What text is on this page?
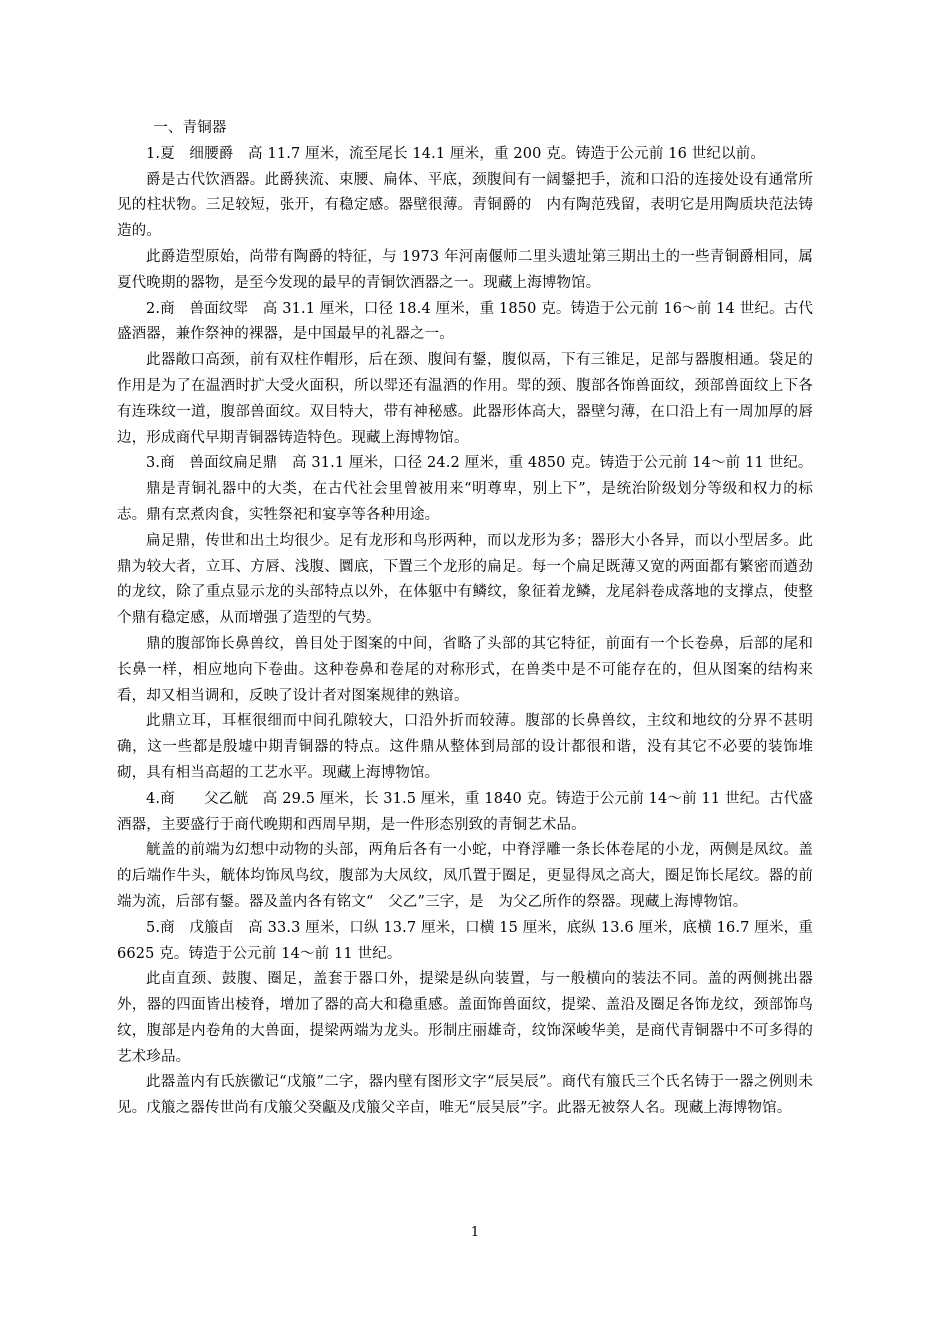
一、青铜器

1.夏　细腰爵　高 11.7 厘米，流至尾长 14.1 厘米，重 200 克。铸造于公元前 16 世纪以前。

爵是古代饮酒器。此爵狭流、束腰、扁体、平底，颈腹间有一阔鋬把手，流和口沿的连接处设有通常所见的柱状物。三足较短，张开，有稳定感。器壁很薄。青铜爵的　内有陶范残留，表明它是用陶质块范法铸造的。

此爵造型原始，尚带有陶爵的特征，与 1973 年河南偃师二里头遗址第三期出土的一些青铜爵相同，属夏代晚期的器物，是至今发现的最早的青铜饮酒器之一。现藏上海博物馆。

2.商　兽面纹斝　高 31.1 厘米，口径 18.4 厘米，重 1850 克。铸造于公元前 16～前 14 世纪。古代盛酒器，兼作祭神的裸器，是中国最早的礼器之一。

此器敞口高颈，前有双柱作帽形，后在颈、腹间有鋬，腹似鬲，下有三锥足，足部与器腹相通。袋足的作用是为了在温酒时扩大受火面积，所以斝还有温酒的作用。斝的颈、腹部各饰兽面纹，颈部兽面纹上下各有连珠纹一道，腹部兽面纹。双目特大，带有神秘感。此器形体高大，器壁匀薄，在口沿上有一周加厚的唇边，形成商代早期青铜器铸造特色。现藏上海博物馆。

3.商　兽面纹扁足鼎　高 31.1 厘米，口径 24.2 厘米，重 4850 克。铸造于公元前 14～前 11 世纪。

鼎是青铜礼器中的大类，在古代社会里曾被用来“明尊卑，别上下”，是统治阶级划分等级和权力的标志。鼎有烹煮肉食，实牲祭祀和宴享等各种用途。

扁足鼎，传世和出土均很少。足有龙形和鸟形两种，而以龙形为多；器形大小各异，而以小型居多。此鼎为较大者，立耳、方唇、浅腹、圜底，下置三个龙形的扁足。每一个扁足既薄又宽的两面都有繁密而遒劲的龙纹，除了重点显示龙的头部特点以外，在体躯中有鳞纹，象征着龙鳞，龙尾斜卷成落地的支撑点，使整个鼎有稳定感，从而增强了造型的气势。

鼎的腹部饰长鼻兽纹，兽目处于图案的中间，省略了头部的其它特征，前面有一个长卷鼻，后部的尾和长鼻一样，相应地向下卷曲。这种卷鼻和卷尾的对称形式，在兽类中是不可能存在的，但从图案的结构来看，却又相当调和，反映了设计者对图案规律的熟谙。

此鼎立耳，耳框很细而中间孔隙较大，口沿外折而较薄。腹部的长鼻兽纹，主纹和地纹的分界不甚明确，这一些都是殷墟中期青铜器的特点。这件鼎从整体到局部的设计都很和谐，没有其它不必要的装饰堆砌，具有相当高超的工艺水平。现藏上海博物馆。

4.商　　父乙觥　高 29.5 厘米，长 31.5 厘米，重 1840 克。铸造于公元前 14～前 11 世纪。古代盛酒器，主要盛行于商代晚期和西周早期，是一件形态别致的青铜艺术品。

觥盖的前端为幻想中动物的头部，两角后各有一小蛇，中脊浮雕一条长体卷尾的小龙，两侧是凤纹。盖的后端作牛头，觥体均饰凤鸟纹，腹部为大凤纹，凤爪置于圈足，更显得凤之高大，圈足饰长尾纹。器的前端为流，后部有鋬。器及盖内各有铭文“　父乙”三字，是　为父乙所作的祭器。现藏上海博物馆。

5.商　戊箙卣　高 33.3 厘米，口纵 13.7 厘米，口横 15 厘米，底纵 13.6 厘米，底横 16.7 厘米，重 6625 克。铸造于公元前 14～前 11 世纪。

此卣直颈、鼓腹、圈足，盖套于器口外，提梁是纵向装置，与一般横向的装法不同。盖的两侧挑出器外，器的四面皆出棱脊，增加了器的高大和稳重感。盖面饰兽面纹，提梁、盖沿及圈足各饰龙纹，颈部饰鸟纹，腹部是内卷角的大兽面，提梁两端为龙头。形制庄丽雄奇，纹饰深峻华美，是商代青铜器中不可多得的艺术珍品。

此器盖内有氏族徽记“戊箙”二字，器内壁有图形文字“辰吴辰”。商代有箙氏三个氏名铸于一器之例则未见。戊箙之器传世尚有戊箙父癸甗及戊箙父辛卣，唯无“辰吴辰”字。此器无被祭人名。现藏上海博物馆。

1
